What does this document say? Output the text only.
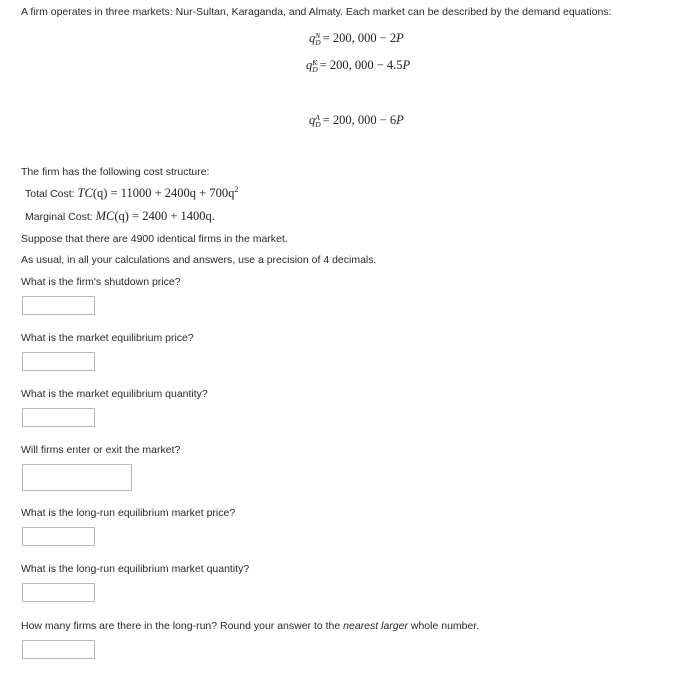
A firm operates in three markets: Nur-Sultan, Karaganda, and Almaty. Each market can be described by the demand equations:
qN
D = 200, 000 − 2P
qK
D = 200, 000 − 4.5P
qA
D = 200, 000 − 6P
The firm has the following cost structure:
Total Cost: $TC(q) = 11000 + 2400q + 700q^2$
Marginal Cost: MC(q) = 2400 + 1400q.
Suppose that there are 4900 identical firms in the market.
As usual, in all your calculations and answers, use a precision of 4 decimals.
What is the firm's shutdown price?
What is the market equilibrium price?
What is the market equilibrium quantity?
Will firms enter or exit the market?
What is the long-run equilibrium market price?
What is the long-run equilibrium market quantity?
How many firms are there in the long-run? Round your answer to the nearest larger whole number.
